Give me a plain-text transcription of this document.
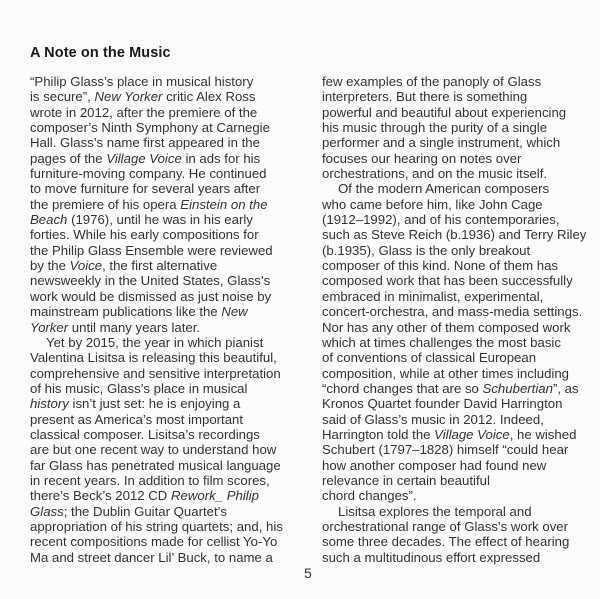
A Note on the Music
“Philip Glass’s place in musical history
is secure”, New Yorker critic Alex Ross
wrote in 2012, after the premiere of the
composer’s Ninth Symphony at Carnegie
Hall. Glass’s name first appeared in the
pages of the Village Voice in ads for his
furniture-moving company. He continued
to move furniture for several years after
the premiere of his opera Einstein on the
Beach (1976), until he was in his early
forties. While his early compositions for
the Philip Glass Ensemble were reviewed
by the Voice, the first alternative
newsweekly in the United States, Glass’s
work would be dismissed as just noise by
mainstream publications like the New
Yorker until many years later.
Yet by 2015, the year in which pianist
Valentina Lisitsa is releasing this beautiful,
comprehensive and sensitive interpretation
of his music, Glass’s place in musical
history isn’t just set: he is enjoying a
present as America’s most important
classical composer. Lisitsa’s recordings
are but one recent way to understand how
far Glass has penetrated musical language
in recent years. In addition to film scores,
there’s Beck’s 2012 CD Rework_ Philip
Glass; the Dublin Guitar Quartet’s
appropriation of his string quartets; and, his
recent compositions made for cellist Yo-Yo
Ma and street dancer Lil’ Buck, to name a
few examples of the panoply of Glass
interpreters. But there is something
powerful and beautiful about experiencing
his music through the purity of a single
performer and a single instrument, which
focuses our hearing on notes over
orchestrations, and on the music itself.
Of the modern American composers
who came before him, like John Cage
(1912–1992), and of his contemporaries,
such as Steve Reich (b.1936) and Terry Riley
(b.1935), Glass is the only breakout
composer of this kind. None of them has
composed work that has been successfully
embraced in minimalist, experimental,
concert-orchestra, and mass-media settings.
Nor has any other of them composed work
which at times challenges the most basic
of conventions of classical European
composition, while at other times including
“chord changes that are so Schubertian”, as
Kronos Quartet founder David Harrington
said of Glass’s music in 2012. Indeed,
Harrington told the Village Voice, he wished
Schubert (1797–1828) himself “could hear
how another composer had found new
relevance in certain beautiful
chord changes”.
Lisitsa explores the temporal and
orchestrational range of Glass’s work over
some three decades. The effect of hearing
such a multitudinous effort expressed
5
